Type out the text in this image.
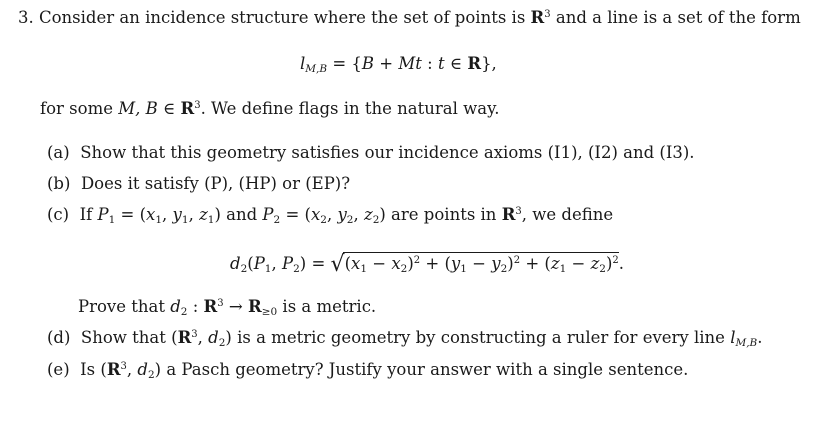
3. Consider an incidence structure where the set of points is $R^3$ and a line is a set of the form
$l_{M,B} = \{B + Mt$ : t ∈ R},
for some M, B ∈ $R^3$. We define flags in the natural way.
(a) Show that this geometry satisfies our incidence axioms (I1), (I2) and (I3).
(b) Does it satisfy (P), (HP) or (EP)?
(c)  If $P_1 = (x_1$, $y_1$, $z_1$) and $P_2 = (x_2$, $y_2$, $z_2$) are points in $R^3$, we define
$d_2(P_1$, $P_2) = √(x_1 - x_2)^2 + (y_1 - y_2)^2 + (z_1 - z_2)^2$.
Prove that $d_2$ : $R^3 \to R_{\ge 0}$ is a metric.
(d)  Show that ($R^3$, $d_2$) is a metric geometry by constructing a ruler for every line $l_{M,B}$.
(e)  Is ($R^3$, $d_2$) a Pasch geometry? Justify your answer with a single sentence.
